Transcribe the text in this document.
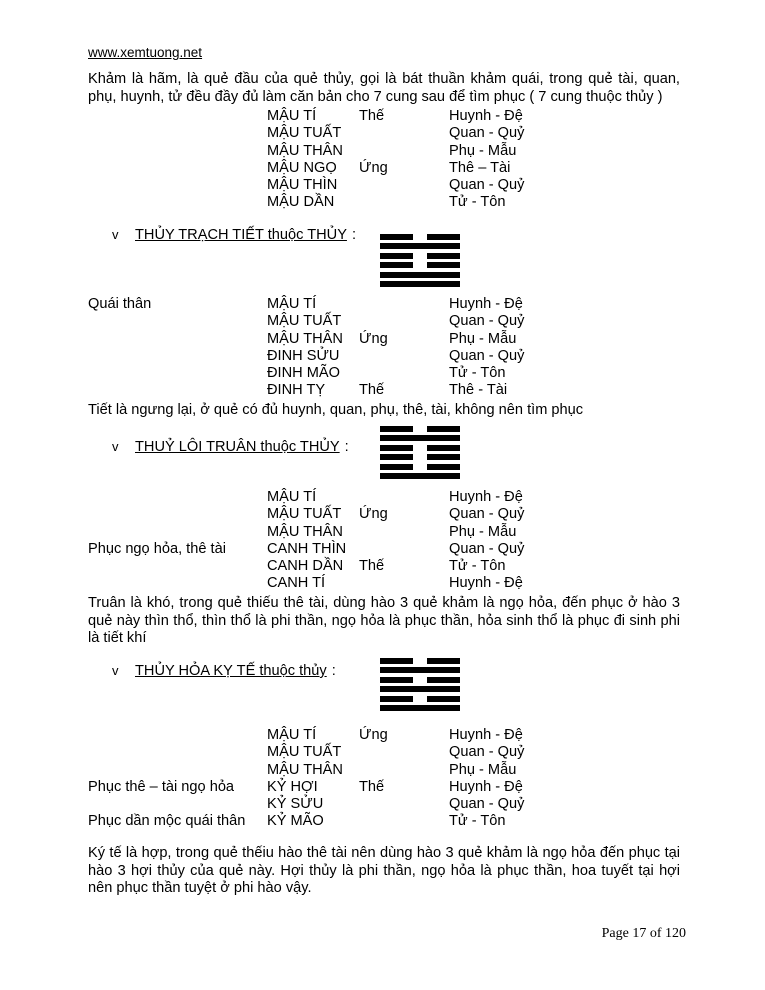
www.xemtuong.net
Khảm là hãm, là quẻ đầu của quẻ thủy, gọi là bát thuần khảm quái, trong quẻ tài, quan, phụ, huynh, tử đều đầy đủ làm căn bản cho 7 cung sau để tìm phục ( 7 cung thuộc thủy )
MẬU TÍ	Thế	Huynh - Đệ
MẬU TUẤT	Quan - Quỷ
MẬU THÂN	Phụ - Mẫu
MẬU NGỌ	Ứng	Thê – Tài
MẬU THÌN	Quan - Quỷ
MẬU DẦN	Tử - Tôn
v THỦY TRẠCH TIẾT thuộc THỦY :
Quái thân	MẬU TÍ	Huynh - Đệ
MẬU TUẤT	Quan - Quỷ
MẬU THÂN	Ứng	Phụ - Mẫu
ĐINH SỬU	Quan - Quỷ
ĐINH MÃO	Tử - Tôn
ĐINH TỴ	Thế	Thê - Tài
Tiết là ngưng lại, ở quẻ có đủ huynh, quan, phụ, thê, tài, không nên tìm phục
v THUỶ LÔI TRUÂN thuộc THỦY :
MẬU TÍ	Huynh - Đệ
MẬU TUẤT	Ứng	Quan - Quỷ
MẬU THÂN	Phụ - Mẫu
Phục ngọ hỏa, thê tài	CANH THÌN	Quan - Quỷ
CANH DẦN	Thế	Tử - Tôn
CANH TÍ	Huynh - Đệ
Truân là khó, trong quẻ thiếu thê tài, dùng hào 3 quẻ khảm là ngọ hỏa, đến phục ở hào 3 quẻ này thìn thổ, thìn thổ là phi thần, ngọ hỏa là phục thần, hỏa sinh thổ là phục đi sinh phi là tiết khí
v THỦY HỎA KỴ TẾ thuộc thủy :
MẬU TÍ	Ứng	Huynh - Đệ
MẬU TUẤT	Quan - Quỷ
MẬU THÂN	Phụ - Mẫu
Phục thê – tài ngọ hỏa	KỶ HỢI	Thế	Huynh - Đệ
KỶ SỬU	Quan - Quỷ
Phục dần mộc quái thân	KỶ MÃO	Tử - Tôn
Ký tế là hợp, trong quẻ thếiu hào thê tài nên dùng hào 3 quẻ khảm là ngọ hỏa đến phục tại hào 3 hợi thủy của quẻ này. Hợi thủy là phi thần, ngọ hỏa là phục thần, hoa tuyết tại hợi nên phục thần tuyệt ở phi hào vậy.
Page 17 of 120
